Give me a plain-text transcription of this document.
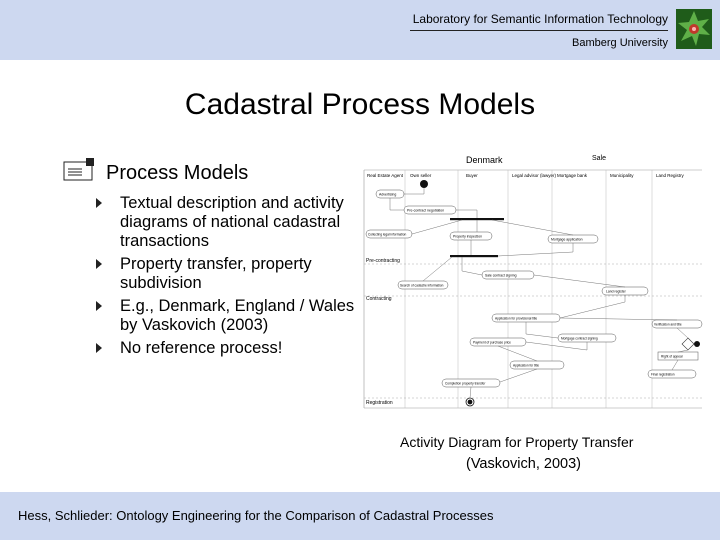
Laboratory for Semantic Information Technology
Bamberg University
Cadastral Process Models
Process Models
Textual description and activity diagrams of national cadastral transactions
Property transfer, property subdivision
E.g., Denmark, England / Wales by Vaskovich (2003)
No reference process!
Denmark	Sale
Real Estate Agent Own seller	Buyer	Legal advisor (lawyer) Mortgage bank	Municipality	Land Registry
Pre-contracting
Contracting
Registration
Advertising
Pre-contract negotiation
Collecting legal information	Property inspection
Mortgage application
Search of cadastre information
Sale contract signing
Land register
Application for provisional title
Mortgage contract signing
Payment of purchase price
Application for title
Completion property transfer
Verification and title
Right of appeal
Final registration
Activity Diagram for Property Transfer
(Vaskovich, 2003)
Hess, Schlieder: Ontology Engineering for the Comparison of Cadastral Processes
